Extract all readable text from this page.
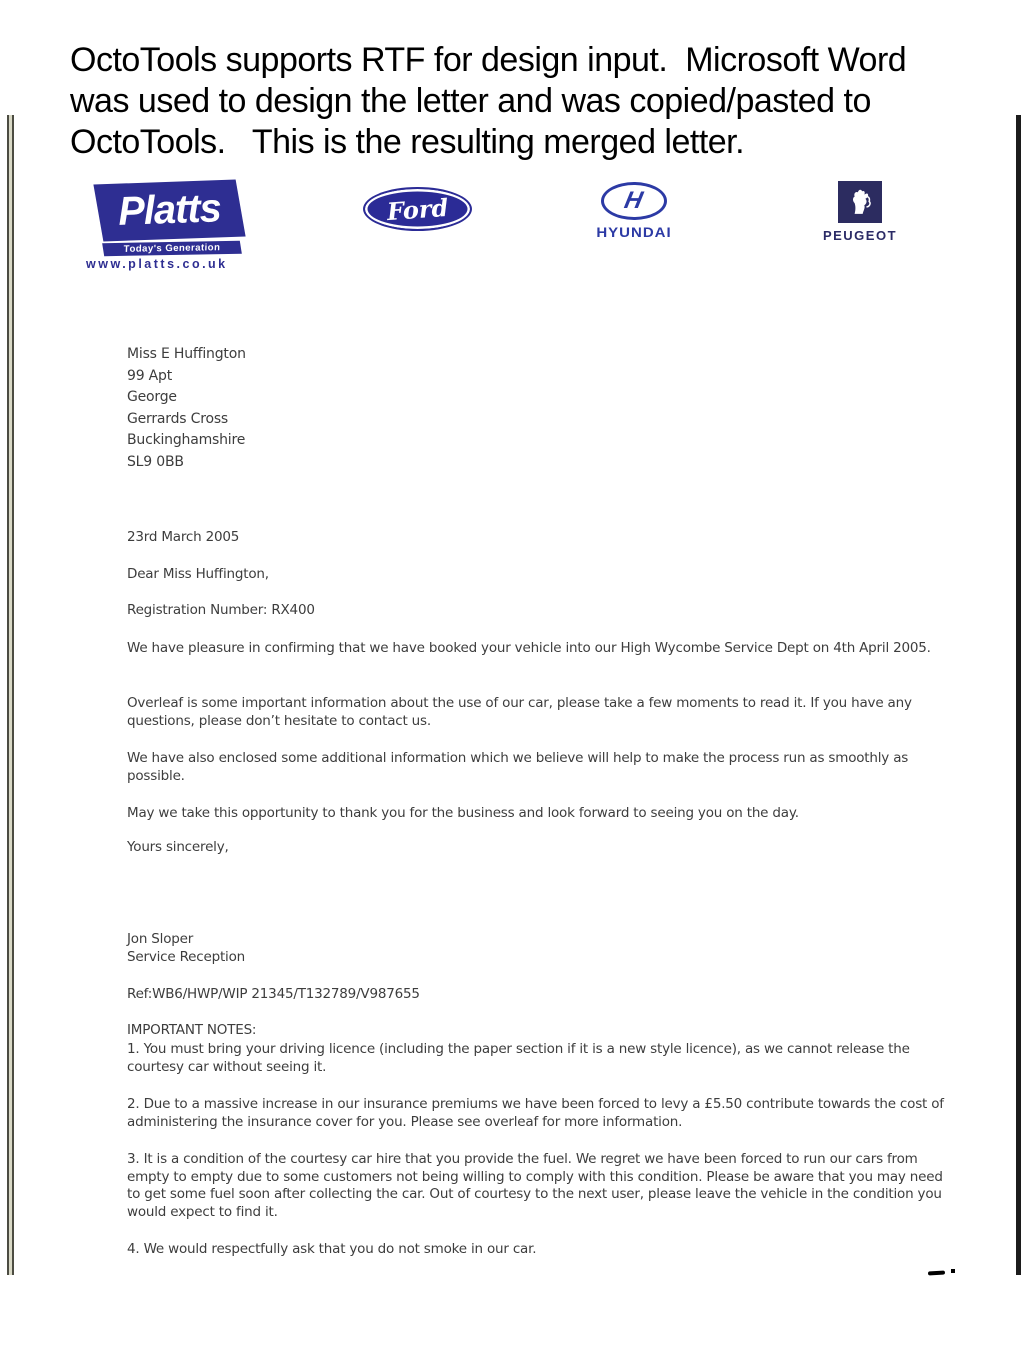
OctoTools supports RTF for design input.  Microsoft Word
was used to design the letter and was copied/pasted to
OctoTools.   This is the resulting merged letter.
Platts
Today's Generation
www.platts.co.uk
Ford	H
HYUNDAI	PEUGEOT
Miss E Huffington
99 Apt
George
Gerrards Cross
Buckinghamshire
SL9 0BB
23rd March 2005
Dear Miss Huffington,
Registration Number: RX400
We have pleasure in confirming that we have booked your vehicle into our High Wycombe Service Dept on 4th April 2005.
Overleaf is some important information about the use of our car, please take a few moments to read it. If you have any questions, please don’t hesitate to contact us.
We have also enclosed some additional information which we believe will help to make the process run as smoothly as possible.
May we take this opportunity to thank you for the business and look forward to seeing you on the day.
Yours sincerely,
Jon Sloper
Service Reception
Ref:WB6/HWP/WIP 21345/T132789/V987655
IMPORTANT NOTES:
1. You must bring your driving licence (including the paper section if it is a new style licence), as we cannot release the courtesy car without seeing it.
2. Due to a massive increase in our insurance premiums we have been forced to levy a £5.50 contribute towards the cost of administering the insurance cover for you. Please see overleaf for more information.
3. It is a condition of the courtesy car hire that you provide the fuel. We regret we have been forced to run our cars from empty to empty due to some customers not being willing to comply with this condition. Please be aware that you may need to get some fuel soon after collecting the car. Out of courtesy to the next user, please leave the vehicle in the condition you would expect to find it.
4. We would respectfully ask that you do not smoke in our car.
